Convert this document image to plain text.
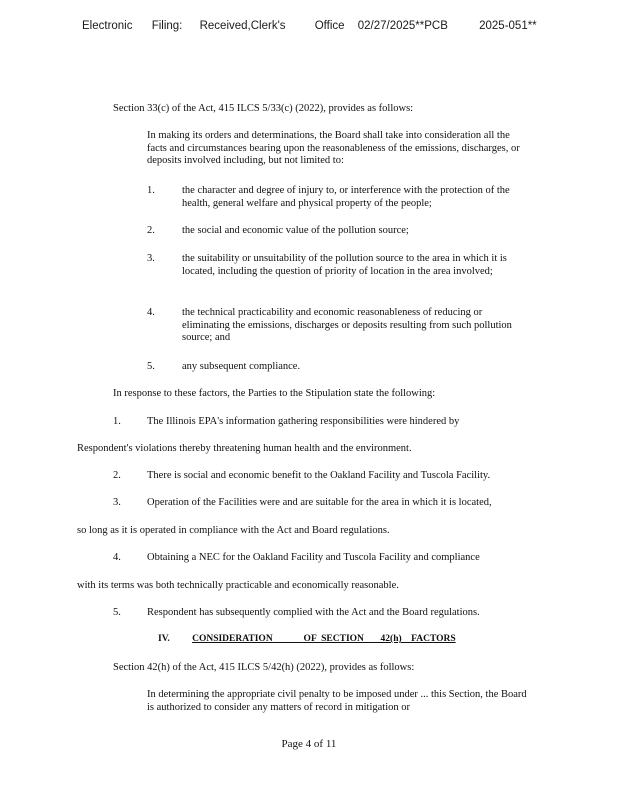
Electronic Filing: Received,Clerk's	Office 02/27/2025**PCB	2025-051**
Section 33(c) of the Act, 415 ILCS 5/33(c) (2022), provides as follows:
In making its orders and determinations, the Board shall take into consideration all the facts and circumstances bearing upon the reasonableness of the emissions, discharges, or deposits involved including, but not limited to:
1.	the character and degree of injury to, or interference with the protection of the health, general welfare and physical property of the people;
2.	the social and economic value of the pollution source;
3.	the suitability or unsuitability of the pollution source to the area in which it is located, including the question of priority of location in the area involved;
4.	the technical practicability and economic reasonableness of reducing or eliminating the emissions, discharges or deposits resulting from such pollution source; and
5.	any subsequent compliance.
In response to these factors, the Parties to the Stipulation state the following:
1. The Illinois EPA's information gathering responsibilities were hindered by
Respondent's violations thereby threatening human health and the environment.
2. There is social and economic benefit to the Oakland Facility and Tuscola Facility.
3. Operation of the Facilities were and are suitable for the area in which it is located,
so long as it is operated in compliance with the Act and Board regulations.
4. Obtaining a NEC for the Oakland Facility and Tuscola Facility and compliance
with its terms was both technically practicable and economically reasonable.
5. Respondent has subsequently complied with the Act and the Board regulations.
IV. CONSIDERATION             OF  SECTION       42(h)    FACTORS
Section 42(h) of the Act, 415 ILCS 5/42(h) (2022), provides as follows:
In determining the appropriate civil penalty to be imposed under ... this Section, the Board is authorized to consider any matters of record in mitigation or
Page 4 of 11
